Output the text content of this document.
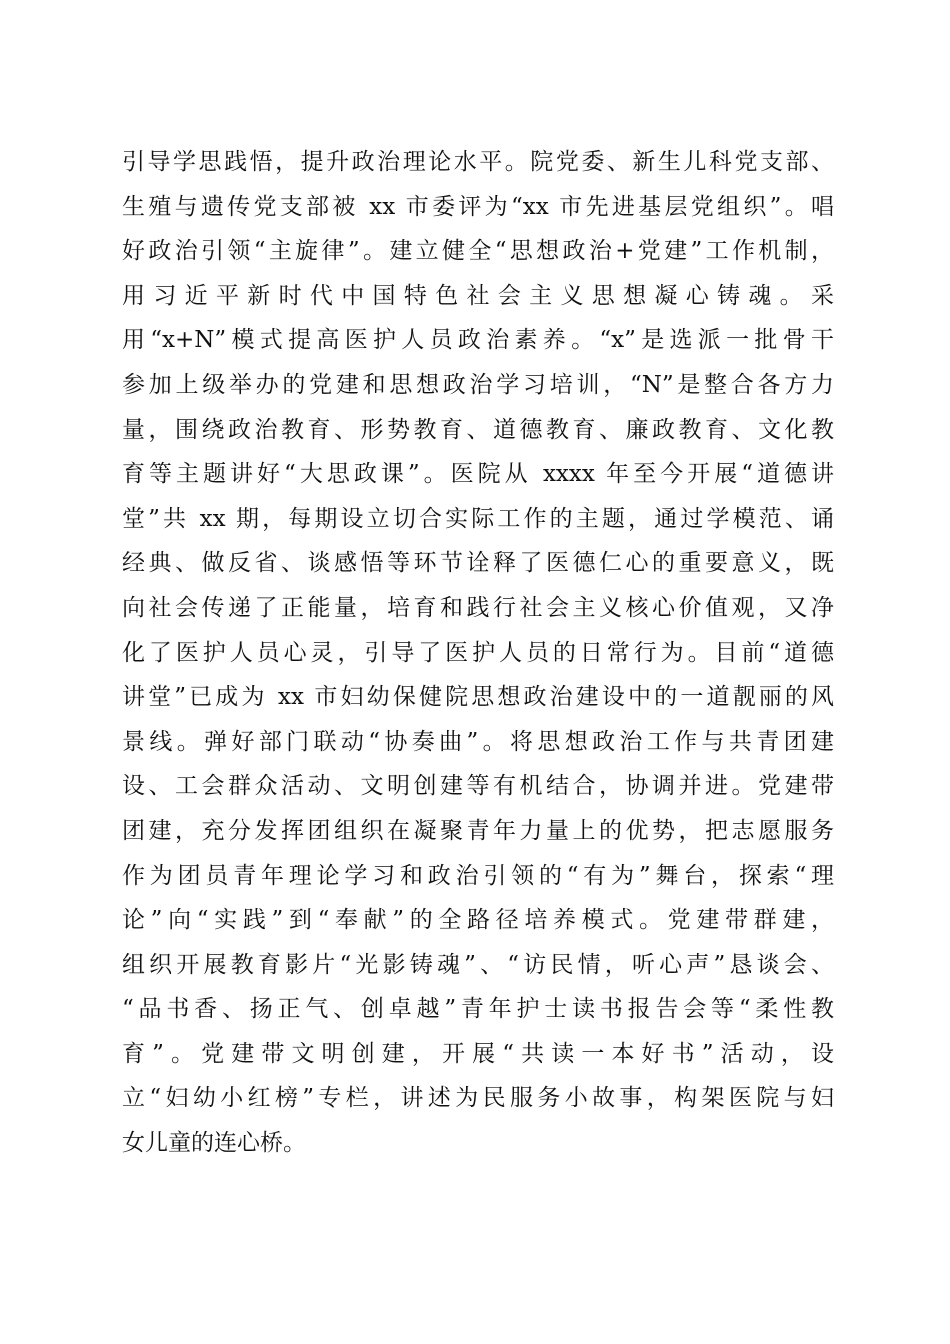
引导学思践悟，提升政治理论水平。院党委、新生儿科党支部、
生殖与遗传党支部被 xx 市委评为“xx 市先进基层党组织”。唱
好政治引领“主旋律”。建立健全“思想政治+党建”工作机制，
用习近平新时代中国特色社会主义思想凝心铸魂。采
用“x+N”模式提高医护人员政治素养。“x”是选派一批骨干
参加上级举办的党建和思想政治学习培训，“N”是整合各方力
量，围绕政治教育、形势教育、道德教育、廉政教育、文化教
育等主题讲好“大思政课”。医院从 xxxx 年至今开展“道德讲
堂”共 xx 期，每期设立切合实际工作的主题，通过学模范、诵
经典、做反省、谈感悟等环节诠释了医德仁心的重要意义，既
向社会传递了正能量，培育和践行社会主义核心价值观，又净
化了医护人员心灵，引导了医护人员的日常行为。目前“道德
讲堂”已成为 xx 市妇幼保健院思想政治建设中的一道靓丽的风
景线。弹好部门联动“协奏曲”。将思想政治工作与共青团建
设、工会群众活动、文明创建等有机结合，协调并进。党建带
团建，充分发挥团组织在凝聚青年力量上的优势，把志愿服务
作为团员青年理论学习和政治引领的“有为”舞台，探索“理
论”向“实践”到“奉献”的全路径培养模式。党建带群建，
组织开展教育影片“光影铸魂”、“访民情，听心声”恳谈会、
“品书香、扬正气、创卓越”青年护士读书报告会等“柔性教
育”。党建带文明创建，开展“共读一本好书”活动，设
立“妇幼小红榜”专栏，讲述为民服务小故事，构架医院与妇
女儿童的连心桥。
